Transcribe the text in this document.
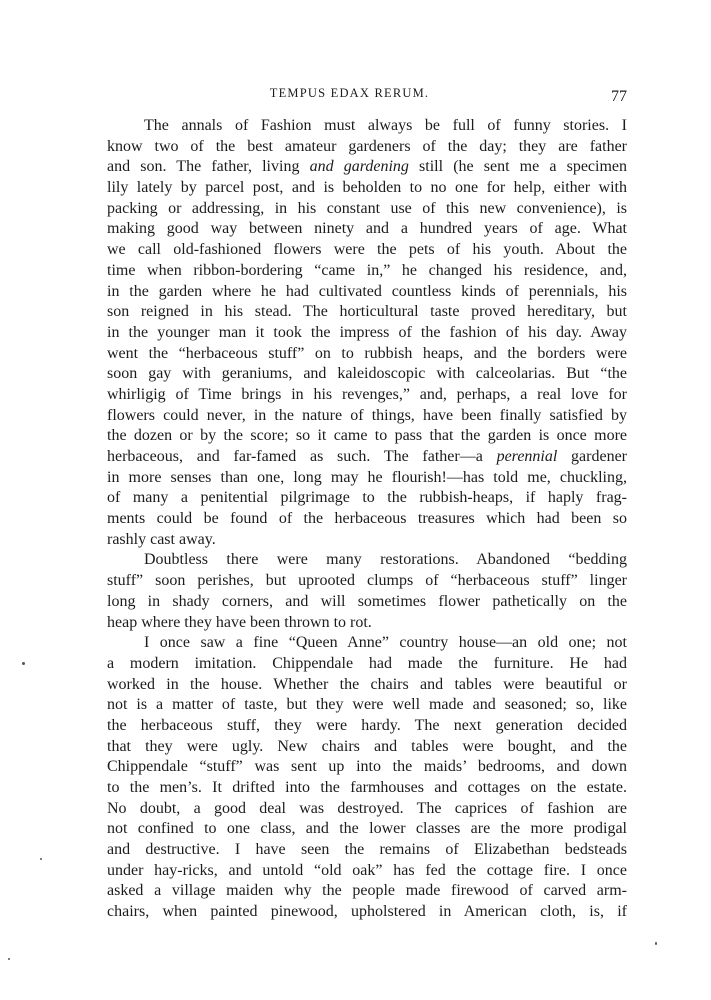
TEMPUS EDAX RERUM.	77
The annals of Fashion must always be full of funny stories. I
know two of the best amateur gardeners of the day; they are father
and son. The father, living and gardening still (he sent me a specimen
lily lately by parcel post, and is beholden to no one for help, either with
packing or addressing, in his constant use of this new convenience), is
making good way between ninety and a hundred years of age. What
we call old-fashioned flowers were the pets of his youth. About the
time when ribbon-bordering “came in,” he changed his residence, and,
in the garden where he had cultivated countless kinds of perennials, his
son reigned in his stead. The horticultural taste proved hereditary, but
in the younger man it took the impress of the fashion of his day. Away
went the “herbaceous stuff” on to rubbish heaps, and the borders were
soon gay with geraniums, and kaleidoscopic with calceolarias. But “the
whirligig of Time brings in his revenges,” and, perhaps, a real love for
flowers could never, in the nature of things, have been finally satisfied by
the dozen or by the score; so it came to pass that the garden is once more
herbaceous, and far-famed as such. The father—a perennial gardener
in more senses than one, long may he flourish!—has told me, chuckling,
of many a penitential pilgrimage to the rubbish-heaps, if haply frag-
ments could be found of the herbaceous treasures which had been so
rashly cast away.
Doubtless there were many restorations. Abandoned “bedding
stuff” soon perishes, but uprooted clumps of “herbaceous stuff” linger
long in shady corners, and will sometimes flower pathetically on the
heap where they have been thrown to rot.
I once saw a fine “Queen Anne” country house—an old one; not
a modern imitation. Chippendale had made the furniture. He had
worked in the house. Whether the chairs and tables were beautiful or
not is a matter of taste, but they were well made and seasoned; so, like
the herbaceous stuff, they were hardy. The next generation decided
that they were ugly. New chairs and tables were bought, and the
Chippendale “stuff” was sent up into the maids’ bedrooms, and down
to the men’s. It drifted into the farmhouses and cottages on the estate.
No doubt, a good deal was destroyed. The caprices of fashion are
not confined to one class, and the lower classes are the more prodigal
and destructive. I have seen the remains of Elizabethan bedsteads
under hay-ricks, and untold “old oak” has fed the cottage fire. I once
asked a village maiden why the people made firewood of carved arm-
chairs, when painted pinewood, upholstered in American cloth, is, if
